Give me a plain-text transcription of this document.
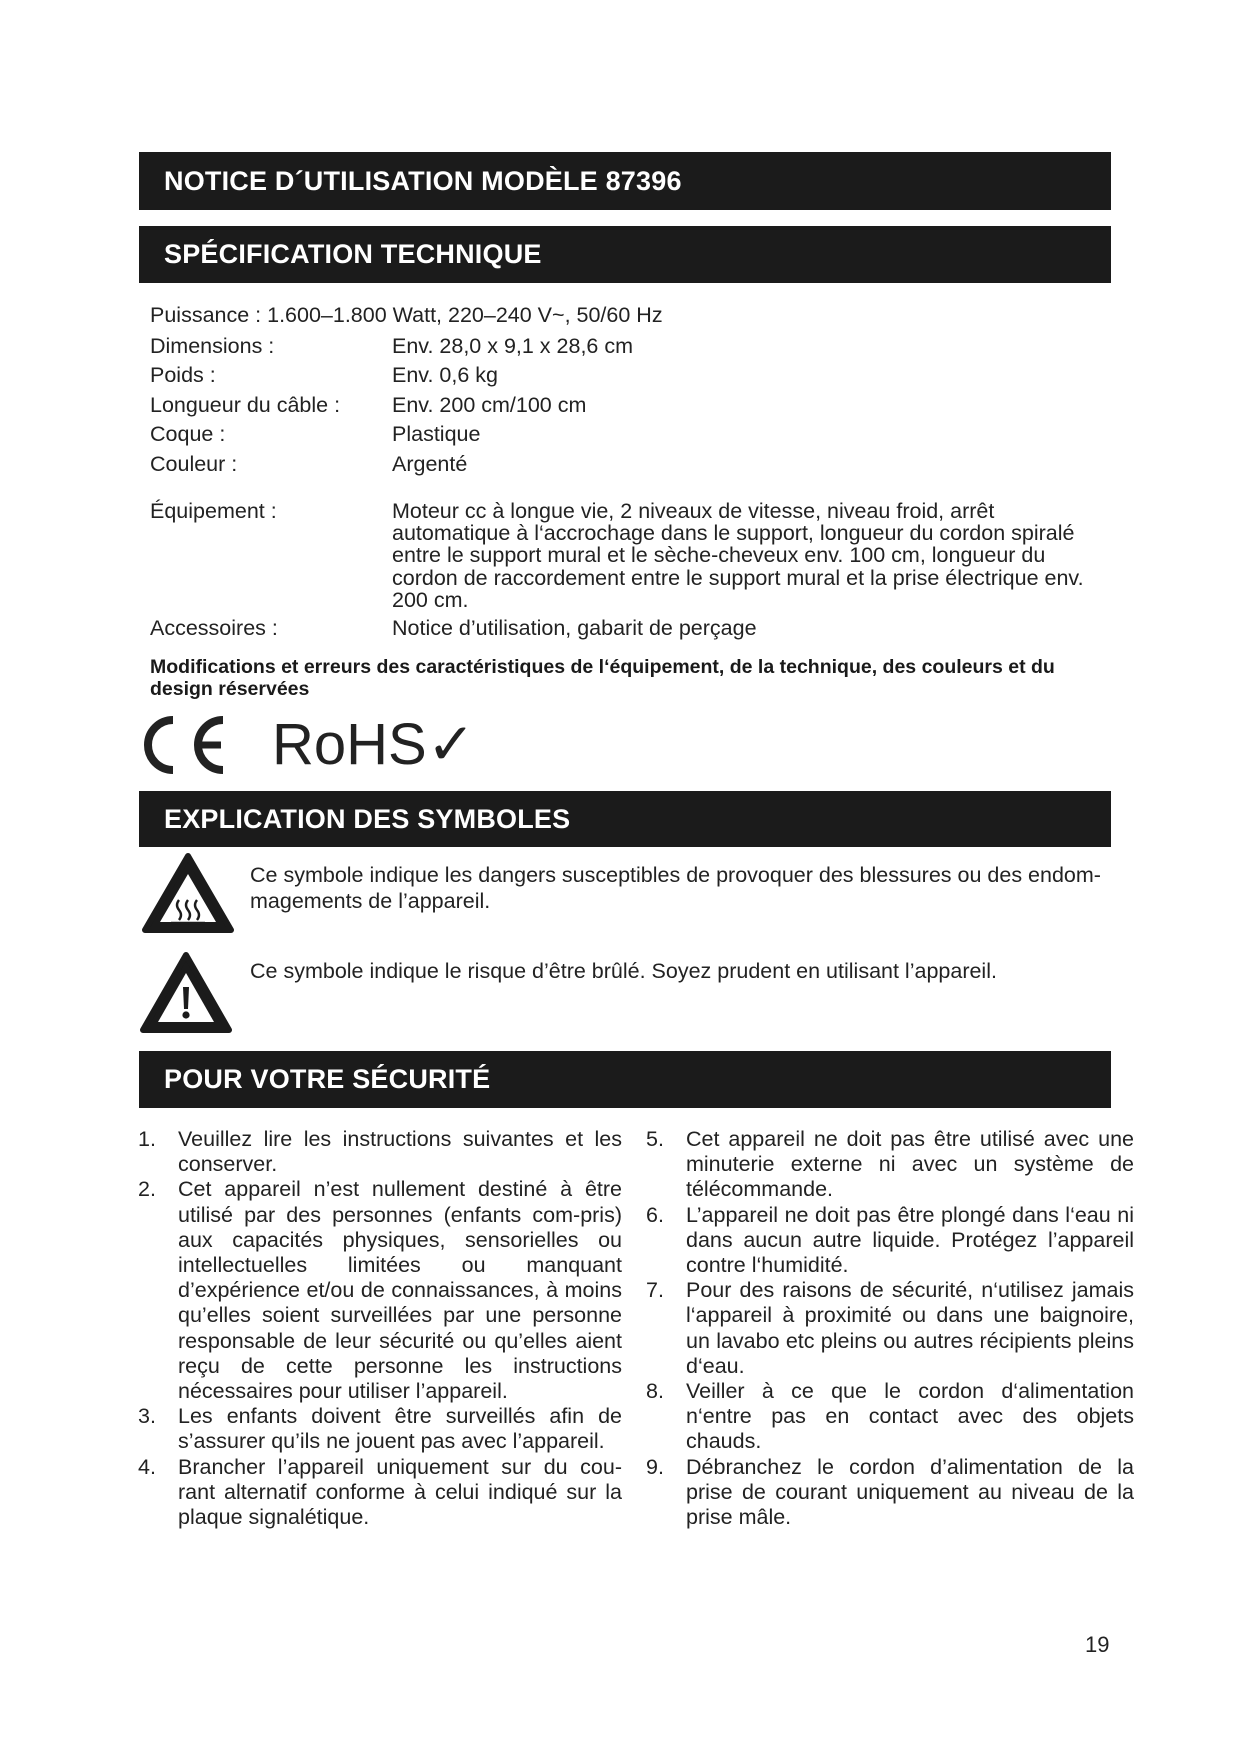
NOTICE D´UTILISATION MODÈLE 87396
SPÉCIFICATION TECHNIQUE
Puissance : 1.600–1.800 Watt, 220–240 V~, 50/60 Hz
Dimensions :	Env. 28,0 x 9,1 x 28,6 cm
Poids :	Env. 0,6 kg
Longueur du câble : Env. 200 cm/100 cm
Coque :	Plastique
Couleur :	Argenté
Équipement :	Moteur cc à longue vie, 2 niveaux de vitesse, niveau froid, arrêt automatique à l‘accrochage dans le support, longueur du cordon spiralé entre le support mural et le sèche-cheveux env. 100 cm, longueur du cordon de raccordement entre le support mural et la prise électrique env. 200 cm.
Accessoires :	Notice d’utilisation, gabarit de perçage
Modifications et erreurs des caractéristiques de l‘équipement, de la technique, des couleurs et du design réservées
RoHS✓
EXPLICATION DES SYMBOLES
Ce symbole indique les dangers susceptibles de provoquer des blessures ou des endom-magements de l’appareil.
Ce symbole indique le risque d’être brûlé. Soyez prudent en utilisant l’appareil.
POUR VOTRE SÉCURITÉ
1. Veuillez lire les instructions suivantes et les conserver.
2. Cet appareil n’est nullement destiné à être utilisé par des personnes (enfants com-pris) aux capacités physiques, sensorielles ou intellectuelles limitées ou manquant d’expérience et/ou de connaissances, à moins qu’elles soient surveillées par une personne responsable de leur sécurité ou qu’elles aient reçu de cette personne les instructions nécessaires pour utiliser l’appareil.
3. Les enfants doivent être surveillés afin de s’assurer qu’ils ne jouent pas avec l’appareil.
4. Brancher l’appareil uniquement sur du cou-rant alternatif conforme à celui indiqué sur la plaque signalétique.
5. Cet appareil ne doit pas être utilisé avec une minuterie externe ni avec un système de télécommande.
6. L’appareil ne doit pas être plongé dans l‘eau ni dans aucun autre liquide. Protégez l’appareil contre l‘humidité.
7. Pour des raisons de sécurité, n‘utilisez jamais l‘appareil à proximité ou dans une baignoire, un lavabo etc pleins ou autres récipients pleins d‘eau.
8. Veiller à ce que le cordon d‘alimentation n‘entre pas en contact avec des objets chauds.
9. Débranchez le cordon d’alimentation de la prise de courant uniquement au niveau de la prise mâle.
19
